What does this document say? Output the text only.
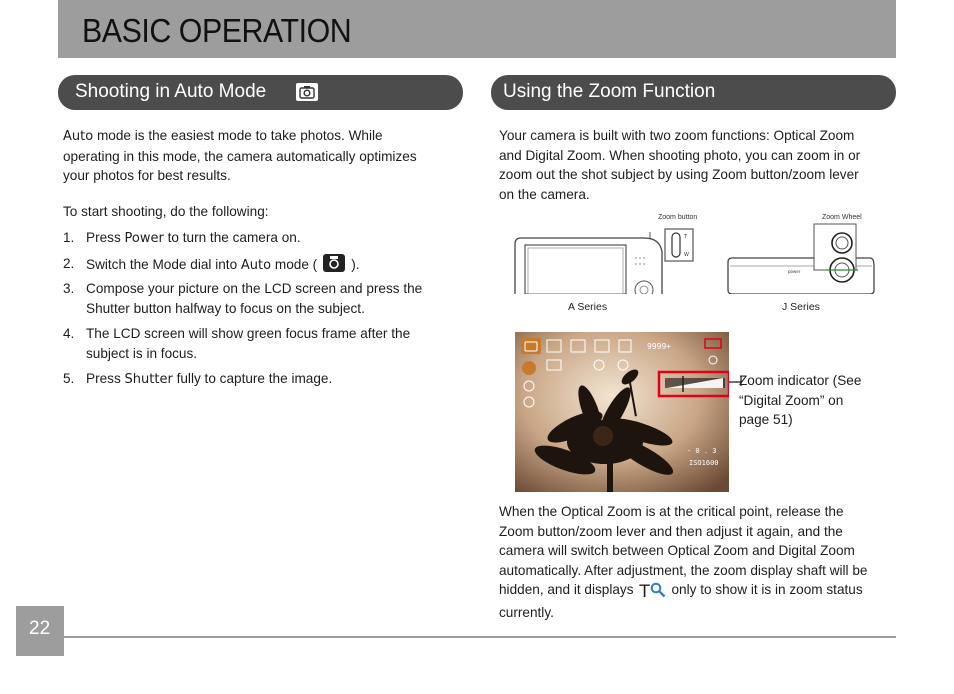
BASIC OPERATION
Shooting in Auto Mode	Using the Zoom Function
Auto mode is the easiest mode to take photos. While
operating in this mode, the camera automatically optimizes
your photos for best results.
To start shooting, do the following:
1. Press Power to turn the camera on.
2. Switch the Mode dial into Auto mode (	).
3. Compose your picture on the LCD screen and press the
Shutter button halfway to focus on the subject.
4. The LCD screen will show green focus frame after the
subject is in focus.
5. Press Shutter fully to capture the image.
Your camera is built with two zoom functions: Optical Zoom
and Digital Zoom. When shooting photo, you can zoom in or
zoom out the shot subject by using Zoom button/zoom lever
on the camera.
Zoom button	Zoom Wheel
T
W
power
A Series	J Series
9999+
- 0 . 3
ISO1600
Zoom indicator (See
“Digital Zoom” on
page 51)
When the Optical Zoom is at the critical point, release the
Zoom button/zoom lever and then adjust it again, and the
camera will switch between Optical Zoom and Digital Zoom
automatically. After adjustment, the zoom display shaft will be
hidden, and it displays T only to show it is in zoom status
currently.
22
